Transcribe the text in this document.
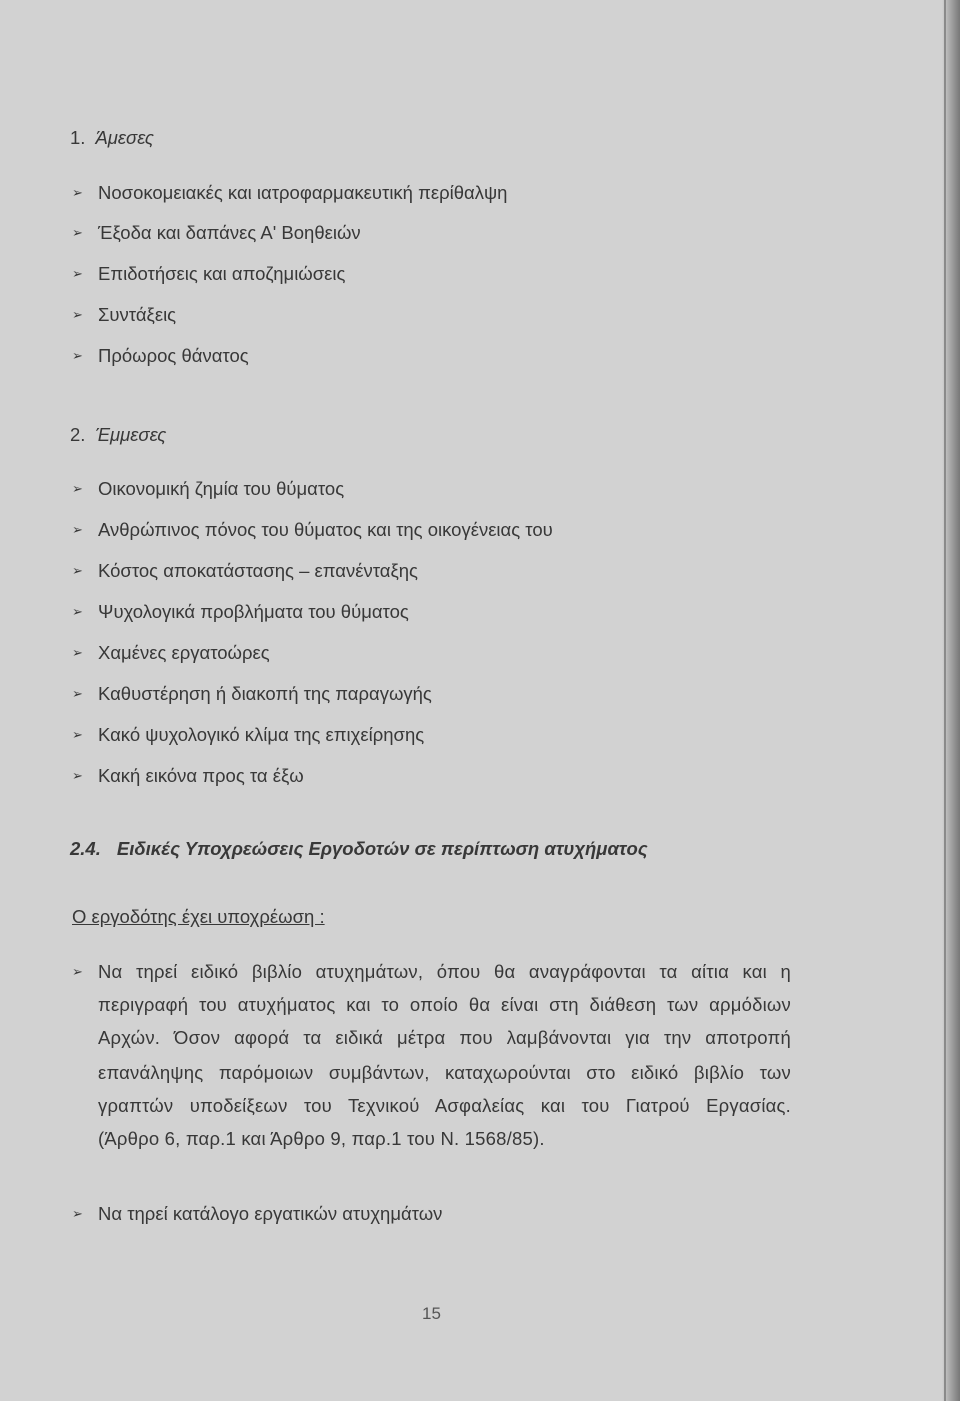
1. Άμεσες
➢ Νοσοκομειακές και ιατροφαρμακευτική περίθαλψη
➢ Έξοδα και δαπάνες Α' Βοηθειών
➢ Επιδοτήσεις και αποζημιώσεις
➢ Συντάξεις
➢ Πρόωρος θάνατος
2. Έμμεσες
➢ Οικονομική ζημία του θύματος
➢ Ανθρώπινος πόνος του θύματος και της οικογένειας του
➢ Κόστος αποκατάστασης – επανένταξης
➢ Ψυχολογικά προβλήματα του θύματος
➢ Χαμένες εργατοώρες
➢ Καθυστέρηση ή διακοπή της παραγωγής
➢ Κακό ψυχολογικό κλίμα της επιχείρησης
➢ Κακή εικόνα προς τα έξω
2.4. Ειδικές Υποχρεώσεις Εργοδοτών σε περίπτωση ατυχήματος
Ο εργοδότης έχει υποχρέωση :
➢ Να τηρεί ειδικό βιβλίο ατυχημάτων, όπου θα αναγράφονται τα αίτια και η
περιγραφή του ατυχήματος και το οποίο θα είναι στη διάθεση των αρμόδιων
Αρχών. Όσον αφορά τα ειδικά μέτρα που λαμβάνονται για την αποτροπή
επανάληψης παρόμοιων συμβάντων, καταχωρούνται στο ειδικό βιβλίο των
γραπτών υποδείξεων του Τεχνικού Ασφαλείας και του Γιατρού Εργασίας.
(Άρθρο 6, παρ.1 και Άρθρο 9, παρ.1 του Ν. 1568/85).
➢ Να τηρεί κατάλογο εργατικών ατυχημάτων
15
